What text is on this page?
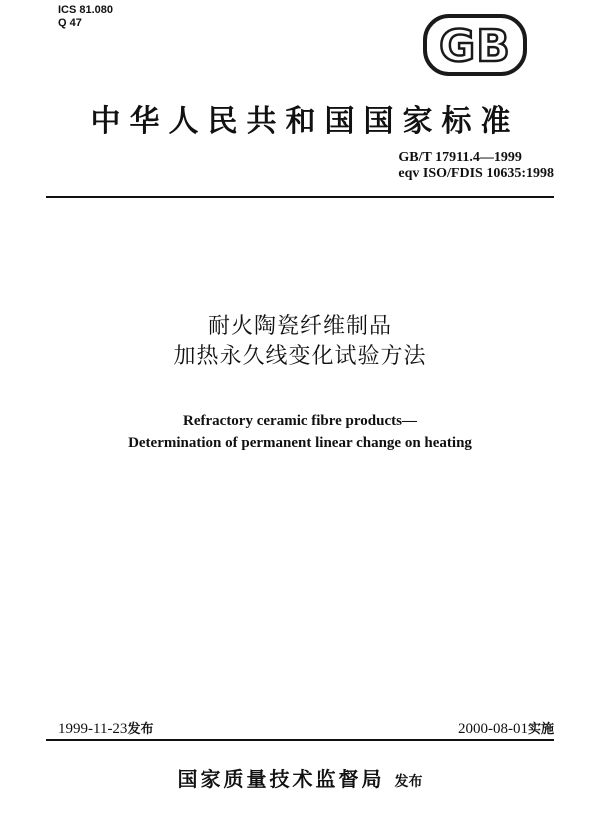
ICS 81.080
Q 47	GB
中华人民共和国国家标准
GB/T 17911.4—1999
eqv ISO/FDIS 10635:1998
耐火陶瓷纤维制品
加热永久线变化试验方法
Refractory ceramic fibre products—
Determination of permanent linear change on heating
1999-11-23发布	2000-08-01实施
国家质量技术监督局 发布
